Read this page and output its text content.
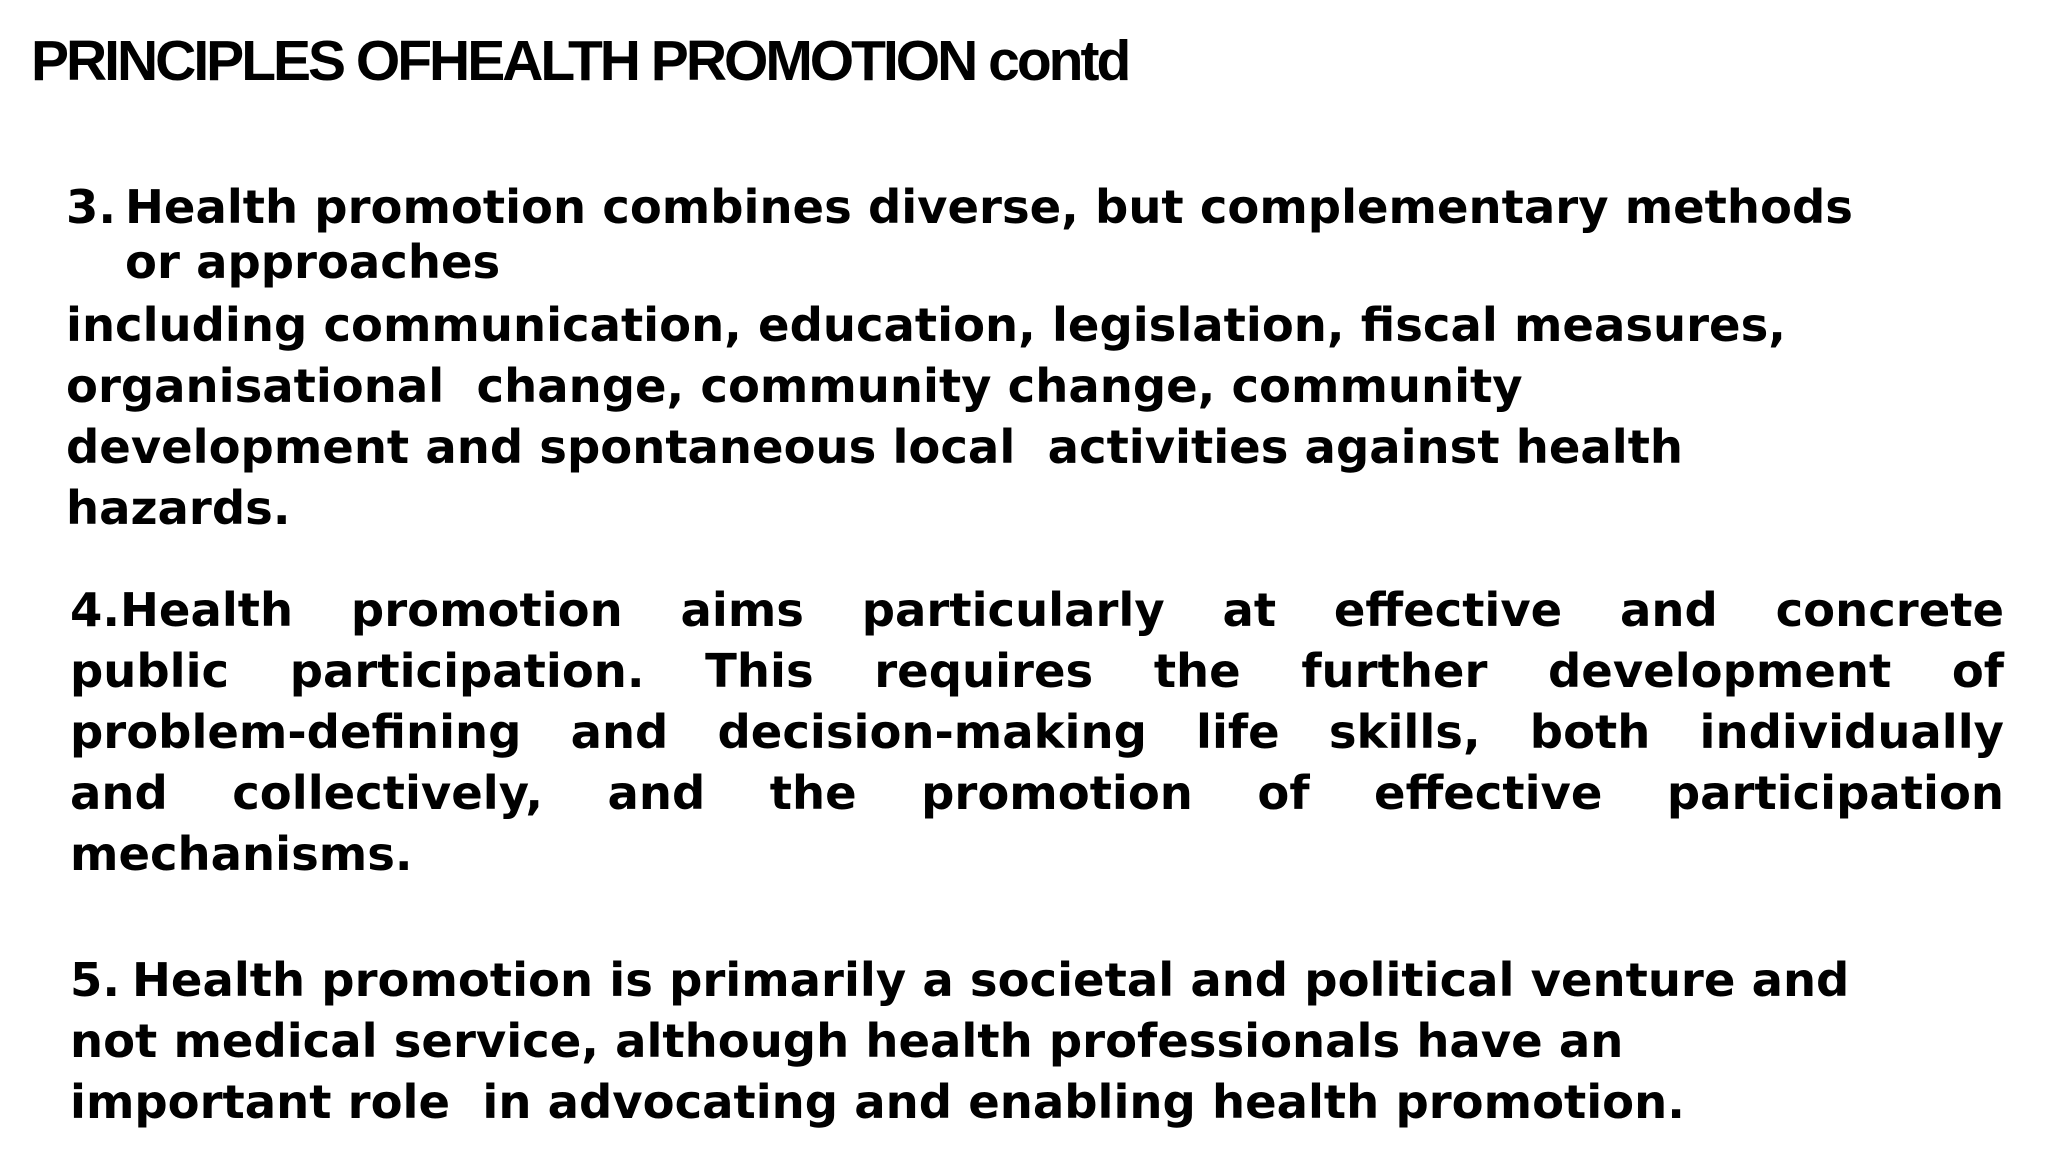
PRINCIPLES OFHEALTH PROMOTION contd

3. Health promotion combines diverse, but complementary methods

or approaches

including communication, education, legislation, fiscal measures,
organisational  change, community change, community
development and spontaneous local  activities against health
hazards.
4.Health promotion aims particularly at effective and concrete
public participation. This requires the further development of
problem-defining and decision-making life skills, both individually
and collectively, and the promotion of effective participation
mechanisms.
5. Health promotion is primarily a societal and political venture and
not medical service, although health professionals have an
important role  in advocating and enabling health promotion.
